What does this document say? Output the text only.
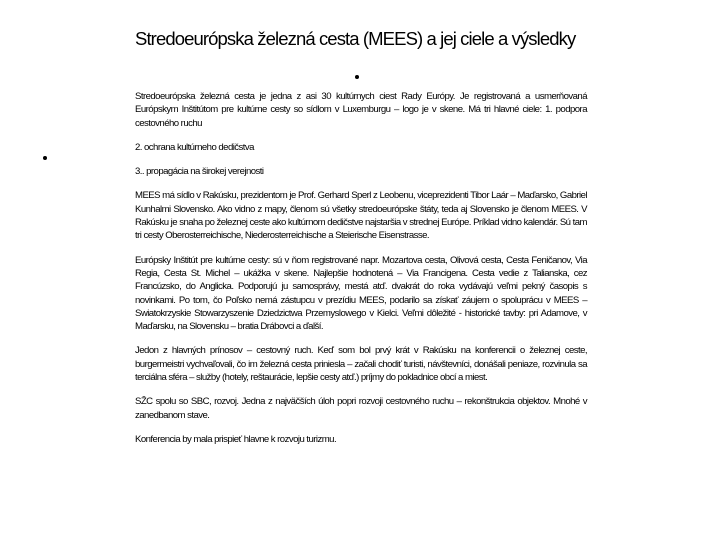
Stredoeurópska železná cesta (MEES) a jej ciele a výsledky

Stredoeurópska železná cesta je jedna z asi 30 kultúrnych ciest Rady Európy. Je registrovaná a usmerňovaná Európskym Inštitútom pre kultúrne cesty so sídlom v Luxemburgu – logo je v skene. Má tri hlavné ciele: 1. podpora cestovného ruchu

2. ochrana kultúrneho dedičstva

3.. propagácia na širokej verejnosti

MEES má sídlo v Rakúsku, prezidentom je Prof. Gerhard Sperl z Leobenu, viceprezidenti Tibor Laár – Maďarsko, Gabriel Kunhalmi Slovensko. Ako vidno z mapy, členom sú všetky stredoeurópske štáty, teda aj Slovensko je členom MEES. V Rakúsku je snaha po železnej ceste ako kultúrnom dedičstve najstaršia v strednej Európe. Príklad vidno kalendár. Sú tam tri cesty Oberosterreichische, Niederosterreichische a Steierische Eisenstrasse.

Európsky Inštitút pre kultúrne cesty: sú v ňom registrované napr. Mozartova cesta, Olivová cesta, Cesta Feničanov, Via Regia, Cesta St. Michel – ukážka v skene. Najlepšie hodnotená – Via Francigena. Cesta vedie z Talianska, cez Francúzsko, do Anglicka. Podporujú ju samosprávy, mestá atď. dvakrát do roka vydávajú veľmi pekný časopis s novinkami. Po tom, čo Poľsko nemá zástupcu v prezídiu MEES, podarilo sa získať záujem o spoluprácu v MEES – Swiatokrzyskie Stowarzyszenie Dziedzictwa Przemyslowego v Kielci. Veľmi dôležité - historické tavby: pri Adamove, v Maďarsku, na Slovensku – bratia Drábovci a ďalší.

Jedon z hlavných prínosov – cestovný ruch. Keď som bol prvý krát v Rakúsku na konferencii o železnej ceste, burgermeistri vychvaľovali, čo im železná cesta priniesla – začali chodiť turisti, návštevníci, donášali peniaze, rozvinula sa terciálna sféra – služby (hotely, reštaurácie, lepšie cesty atď.) príjmy do pokladnice obcí a miest.

SŽC spolu so SBC, rozvoj. Jedna z najväčších úloh popri rozvoji cestovného ruchu – rekonštrukcia objektov. Mnohé v zanedbanom stave.

Konferencia by mala prispieť hlavne k rozvoju turizmu.
